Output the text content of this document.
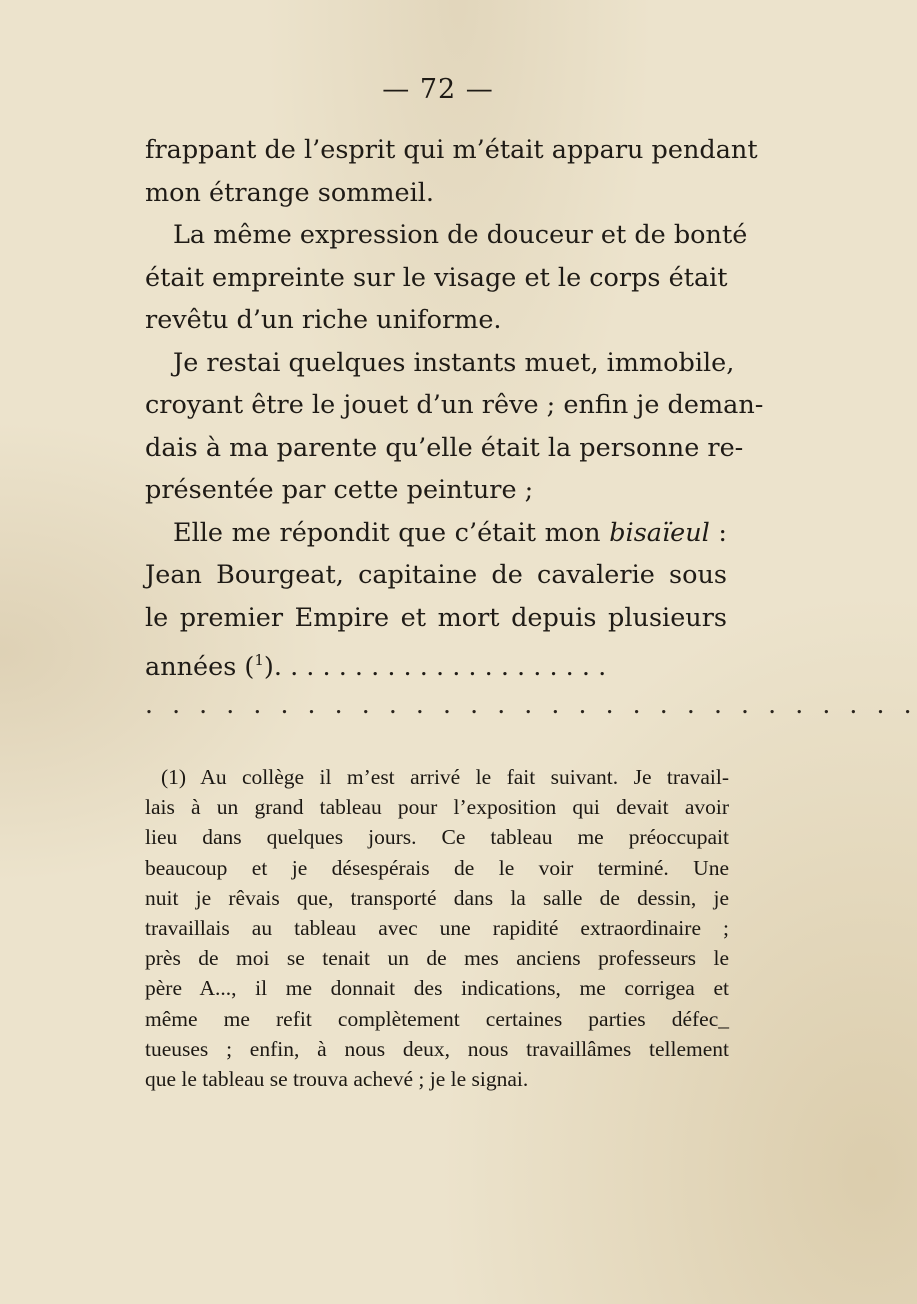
— 72 —
frappant de l’esprit qui m’était apparu pendant
mon étrange sommeil.
La même expression de douceur et de bonté
était empreinte sur le visage et le corps était
revêtu d’un riche uniforme.
Je restai quelques instants muet, immobile,
croyant être le jouet d’un rêve ; enfin je deman-
dais à ma parente qu’elle était la personne re-
présentée par cette peinture ;
Elle me répondit que c’était mon bisaïeul :
Jean Bourgeat, capitaine de cavalerie sous
le premier Empire et mort depuis plusieurs
années ($^1$). . . . . . . . . . . . . . . . . . . . .
. . . . . . . . . . . . . . . . . . . . . . . . . . . . .
(1) Au collège il m’est arrivé le fait suivant. Je travail-
lais à un grand tableau pour l’exposition qui devait avoir
lieu dans quelques jours. Ce tableau me préoccupait
beaucoup et je désespérais de le voir terminé. Une
nuit je rêvais que, transporté dans la salle de dessin, je
travaillais au tableau avec une rapidité extraordinaire ;
près de moi se tenait un de mes anciens professeurs le
père A..., il me donnait des indications, me corrigea et
même me refit complètement certaines parties défec_
tueuses ; enfin, à nous deux, nous travaillâmes tellement
que le tableau se trouva achevé ; je le signai.
